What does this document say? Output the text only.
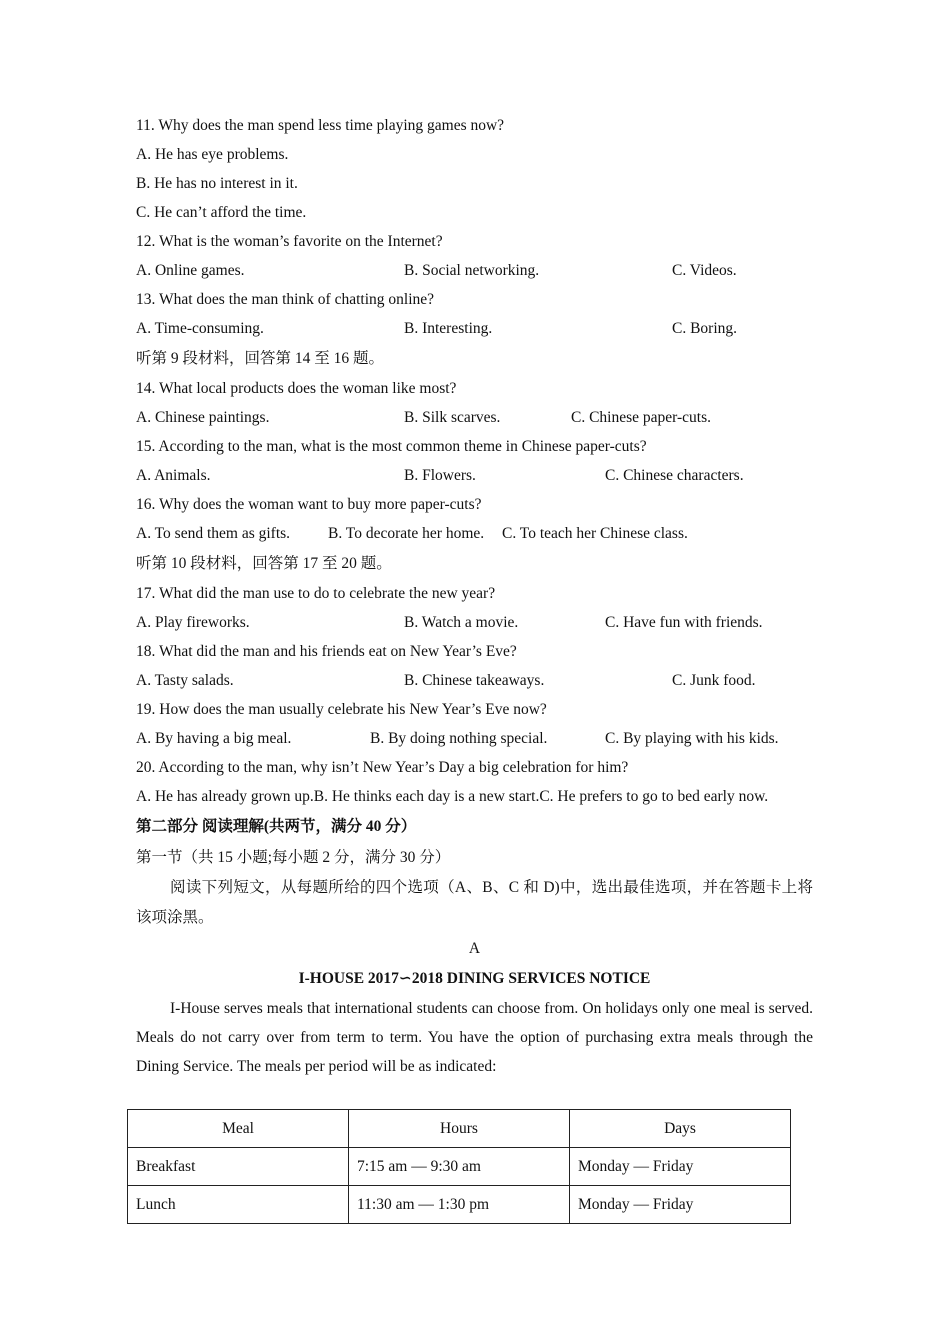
11. Why does the man spend less time playing games now?
A. He has eye problems.
B. He has no interest in it.
C. He can’t afford the time.
12. What is the woman’s favorite on the Internet?
A. Online games.	B. Social networking.	C. Videos.
13. What does the man think of chatting online?
A. Time-consuming.	B. Interesting.	C. Boring.
听第 9 段材料，回答第 14 至 16 题。
14. What local products does the woman like most?
A. Chinese paintings.	B. Silk scarves.	C. Chinese paper-cuts.
15. According to the man, what is the most common theme in Chinese paper-cuts?
A. Animals.	B. Flowers.	C. Chinese characters.
16. Why does the woman want to buy more paper-cuts?
A. To send them as gifts. B. To decorate her home. C. To teach her Chinese class.
听第 10 段材料，回答第 17 至 20 题。
17. What did the man use to do to celebrate the new year?
A. Play fireworks.	B. Watch a movie.	C. Have fun with friends.
18. What did the man and his friends eat on New Year’s Eve?
A. Tasty salads.	B. Chinese takeaways.	C. Junk food.
19. How does the man usually celebrate his New Year’s Eve now?
A. By having a big meal.	B. By doing nothing special.	C. By playing with his kids.
20. According to the man, why isn’t New Year’s Day a big celebration for him?
A. He has already grown up.B. He thinks each day is a new start.C. He prefers to go to bed early now.
第二部分 阅读理解(共两节，满分 40 分）
第一节（共 15 小题;每小题 2 分，满分 30 分）
阅读下列短文，从每题所给的四个选项（A、B、C 和 D)中，选出最佳选项，并在答题卡上将该项涂黑。
A
I-HOUSE 2017∽2018 DINING SERVICES NOTICE
I-House serves meals that international students can choose from. On holidays only one meal is served. Meals do not carry over from term to term. You have the option of purchasing extra meals through the Dining Service. The meals per period will be as indicated:
Meal	Hours	Days
Breakfast	7:15 am — 9:30 am	Monday — Friday
Lunch	11:30 am — 1:30 pm	Monday — Friday
